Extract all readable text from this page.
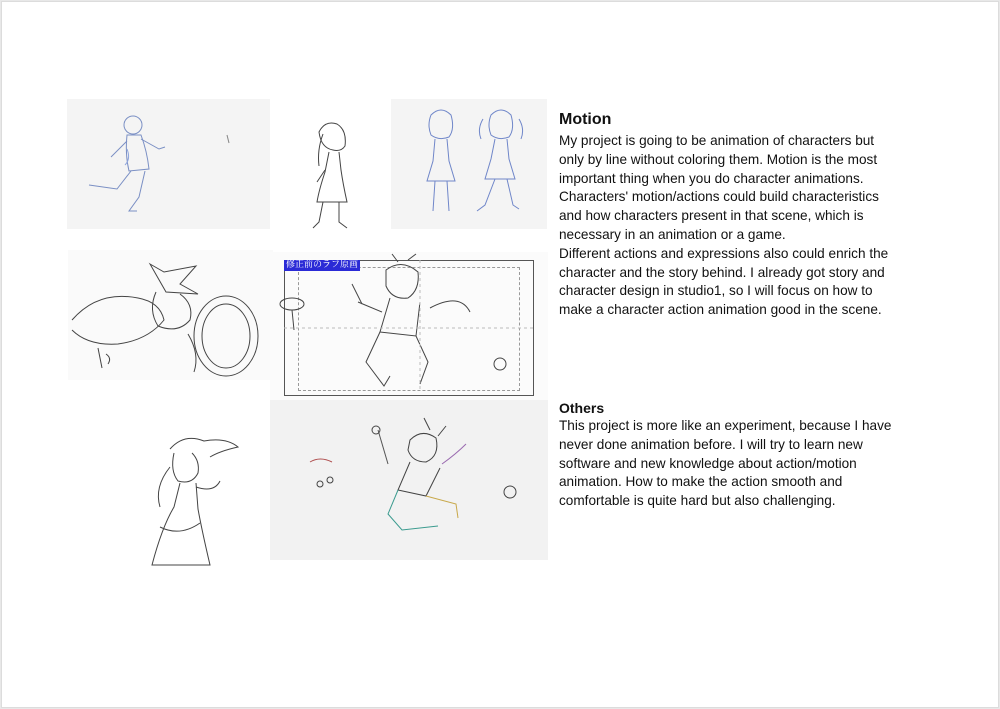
修正前のラフ原画
Motion

My project is going to be animation of characters but
only by line without coloring them. Motion is the most
important thing when you do character animations.
Characters' motion/actions could build characteristics
and how characters present in that scene, which is
necessary in an animation or a game.
Different actions and expressions also could enrich the
character and the story behind. I already got story and
character design in studio1, so I will focus on how to
make a character action animation good in the scene.

Others

This project is more like an experiment, because I have
never done animation before. I will try to learn new
software and new knowledge about action/motion
animation. How to make the action smooth and
comfortable is quite hard but also challenging.
